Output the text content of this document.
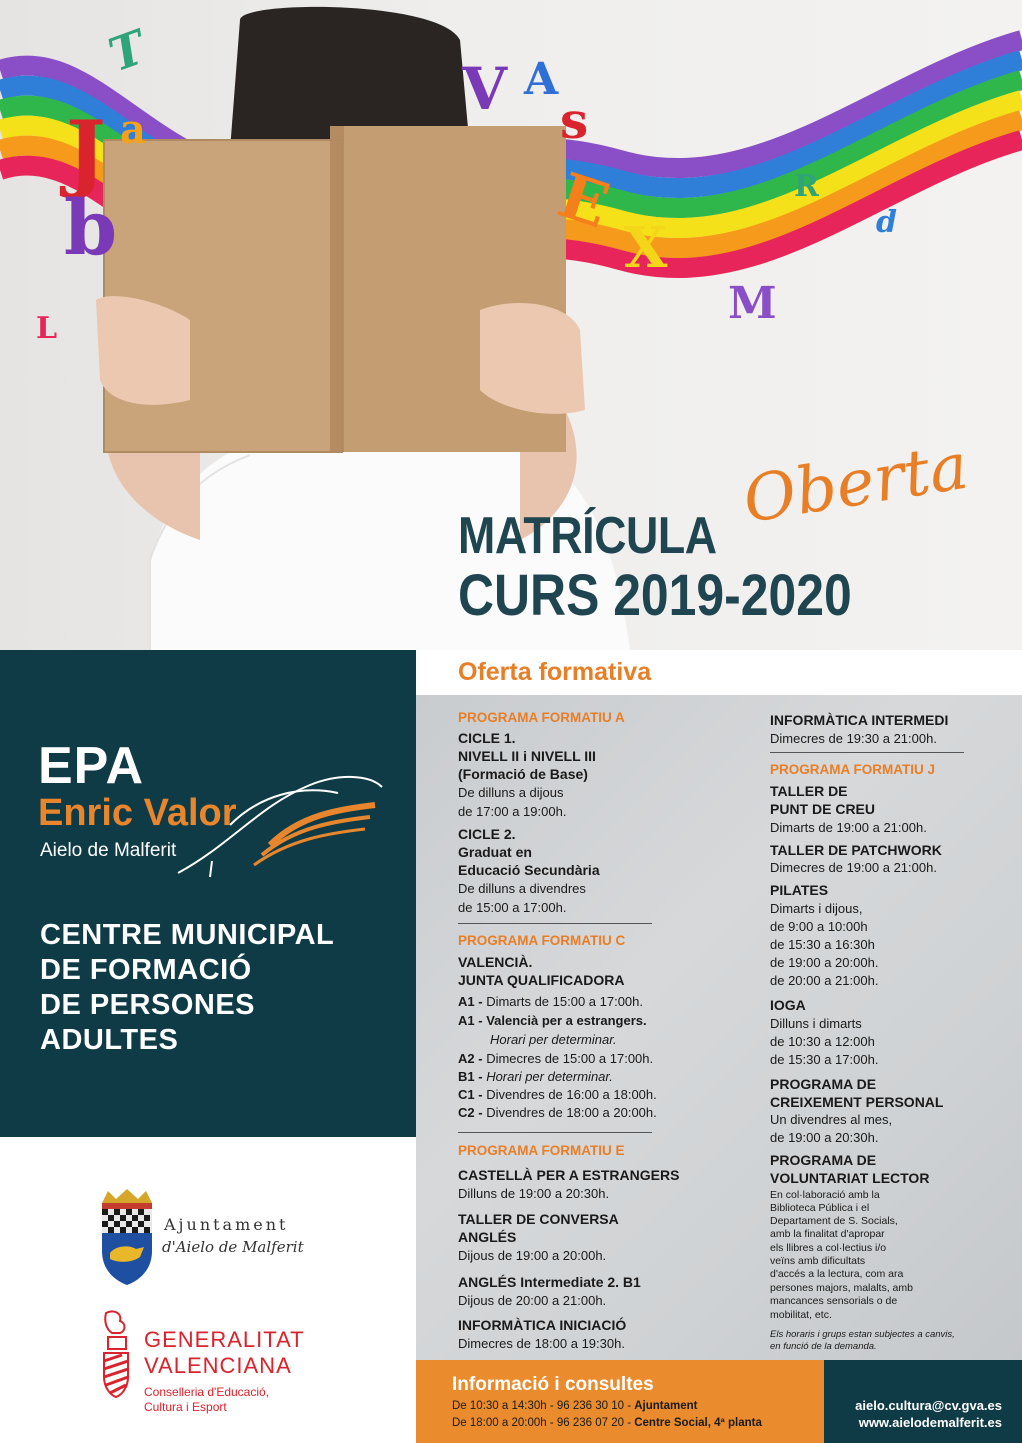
T
J
b
a
V A
s
E
X
R
d
M
L
MATRÍCULA Oberta
CURS 2019-2020
EPA
Enric Valor
Aielo de Malferit
CENTRE MUNICIPAL
DE FORMACIÓ
DE PERSONES
ADULTES
Ajuntament
d'Aielo de Malferit
GENERALITAT
VALENCIANA
Conselleria d'Educació,
Cultura i Esport
Oferta formativa
PROGRAMA FORMATIU A
CICLE 1.
NIVELL II i NIVELL III
(Formació de Base)
De dilluns a dijous
de 17:00 a 19:00h.
CICLE 2.
Graduat en
Educació Secundària
De dilluns a divendres
de 15:00 a 17:00h.
PROGRAMA FORMATIU C
VALENCIÀ.
JUNTA QUALIFICADORA
A1 - Dimarts de 15:00 a 17:00h.
A1 - Valencià per a estrangers.
Horari per determinar.
A2 - Dimecres de 15:00 a 17:00h.
B1 - Horari per determinar.
C1 - Divendres de 16:00 a 18:00h.
C2 - Divendres de 18:00 a 20:00h.
PROGRAMA FORMATIU E
CASTELLÀ PER A ESTRANGERS
Dilluns de 19:00 a 20:30h.
TALLER DE CONVERSA
ANGLÉS
Dijous de 19:00 a 20:00h.
ANGLÉS Intermediate 2. B1
Dijous de 20:00 a 21:00h.
INFORMÀTICA INICIACIÓ
Dimecres de 18:00 a 19:30h.
INFORMÀTICA INTERMEDI
Dimecres de 19:30 a 21:00h.
PROGRAMA FORMATIU J
TALLER DE
PUNT DE CREU
Dimarts de 19:00 a 21:00h.
TALLER DE PATCHWORK
Dimecres de 19:00 a 21:00h.
PILATES
Dimarts i dijous,
de 9:00 a 10:00h
de 15:30 a 16:30h
de 19:00 a 20:00h.
de 20:00 a 21:00h.
IOGA
Dilluns i dimarts
de 10:30 a 12:00h
de 15:30 a 17:00h.
PROGRAMA DE
CREIXEMENT PERSONAL
Un divendres al mes,
de 19:00 a 20:30h.
PROGRAMA DE
VOLUNTARIAT LECTOR
En col·laboració amb la
Biblioteca Pública i el
Departament de S. Socials,
amb la finalitat d'apropar
els llibres a col·lectius i/o
veïns amb dificultats
d'accés a la lectura, com ara
persones majors, malalts, amb
mancances sensorials o de
mobilitat, etc.
Els horaris i grups estan subjectes a canvis,
en funció de la demanda.
Informació i consultes
De 10:30 a 14:30h - 96 236 30 10 - Ajuntament
De 18:00 a 20:00h - 96 236 07 20 - Centre Social, 4ª planta
aielo.cultura@cv.gva.es
www.aielodemalferit.es
